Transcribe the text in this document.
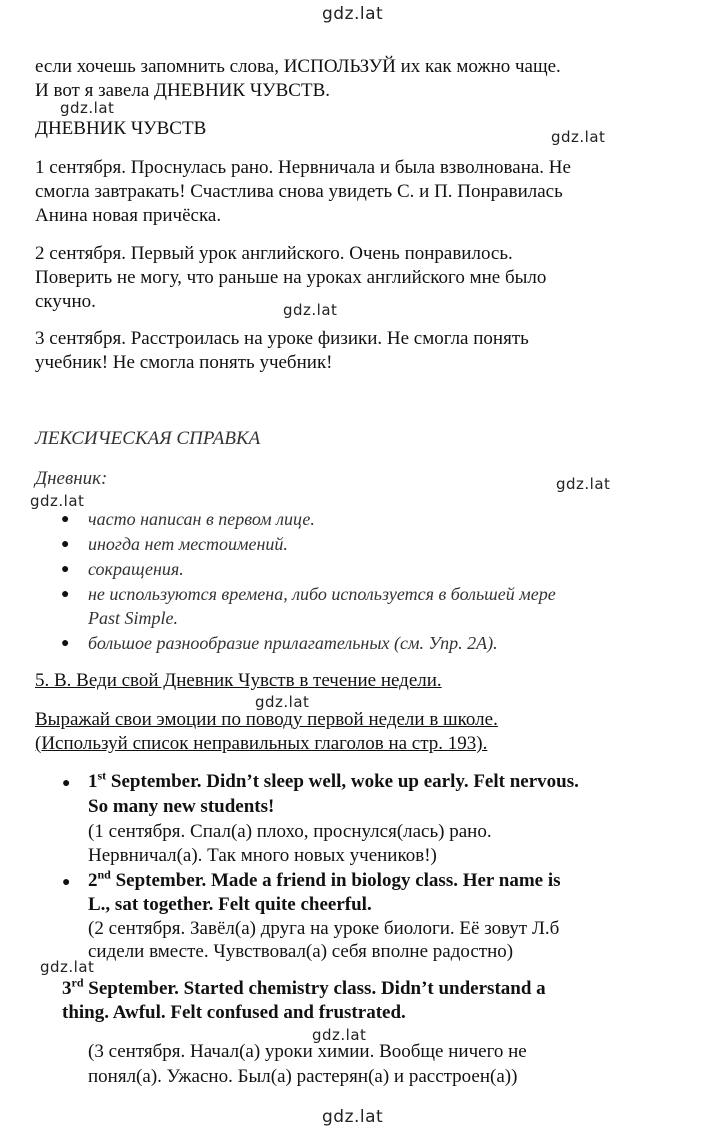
gdz.lat
gdz.lat
gdz.lat
gdz.lat
gdz.lat
gdz.lat
gdz.lat
gdz.lat
gdz.lat
gdz.lat
если хочешь запомнить слова, ИСПОЛЬЗУЙ их как можно чаще.
И вот я завела ДНЕВНИК ЧУВСТВ.
ДНЕВНИК ЧУВСТВ
1 сентября. Проснулась рано. Нервничала и была взволнована. Не
смогла завтракать! Счастлива снова увидеть С. и П. Понравилась
Анина новая причёска.
2 сентября. Первый урок английского. Очень понравилось.
Поверить не могу, что раньше на уроках английского мне было
скучно.
3 сентября. Расстроилась на уроке физики. Не смогла понять
учебник! Не смогла понять учебник!
ЛЕКСИЧЕСКАЯ СПРАВКА
Дневник:
● часто написан в первом лице.
● иногда нет местоимений.
● сокращения.
● не используются времена, либо используется в большей мере
Past Simple.
● большое разнообразие прилагательных (см. Упр. 2А).
5. В. Веди свой Дневник Чувств в течение недели.
Выражай свои эмоции по поводу первой недели в школе.
(Используй список неправильных глаголов на стр. 193).
● 1st September. Didn’t sleep well, woke up early. Felt nervous.
So many new students!
(1 сентября. Спал(а) плохо, проснулся(лась) рано.
Нервничал(а). Так много новых учеников!)
● 2nd September. Made a friend in biology class. Her name is
L., sat together. Felt quite cheerful.
(2 сентября. Завёл(а) друга на уроке биологи. Её зовут Л.б
сидели вместе. Чувствовал(а) себя вполне радостно)
3rd September. Started chemistry class. Didn’t understand a
thing. Awful. Felt confused and frustrated.
(3 сентября. Начал(а) уроки химии. Вообще ничего не
понял(а). Ужасно. Был(а) растерян(а) и расстроен(а))
